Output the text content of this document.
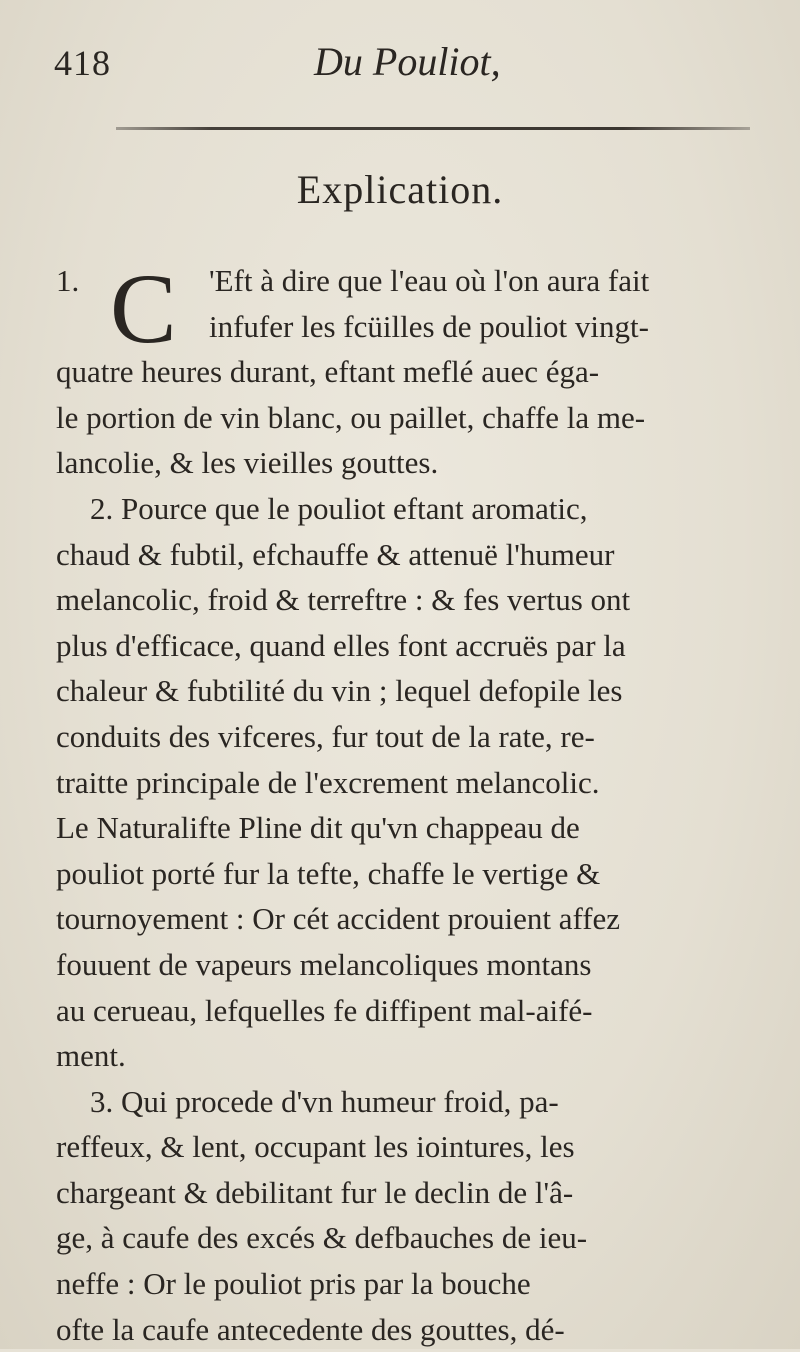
418	Du Pouliot,
Explication.
1. C 'Eft à dire que l'eau où l'on aura fait
infufer les fcüilles de pouliot vingt-
quatre heures durant, eftant meflé auec éga-
le portion de vin blanc, ou paillet, chaffe la me-
lancolie, & les vieilles gouttes.
2. Pource que le pouliot eftant aromatic,
chaud & fubtil, efchauffe & attenuë l'humeur
melancolic, froid & terreftre : & fes vertus ont
plus d'efficace, quand elles font accruës par la
chaleur & fubtilité du vin ; lequel defopile les
conduits des vifceres, fur tout de la rate, re-
traitte principale de l'excrement melancolic.
Le Naturalifte Pline dit qu'vn chappeau de
pouliot porté fur la tefte, chaffe le vertige &
tournoyement : Or cét accident prouient affez
fouuent de vapeurs melancoliques montans
au cerueau, lefquelles fe diffipent mal-aifé-
ment.
3. Qui procede d'vn humeur froid, pa-
reffeux, & lent, occupant les iointures, les
chargeant & debilitant fur le declin de l'â-
ge, à caufe des excés & defbauches de ieu-
neffe : Or le pouliot pris par la bouche
ofte la caufe antecedente des gouttes, dé-
